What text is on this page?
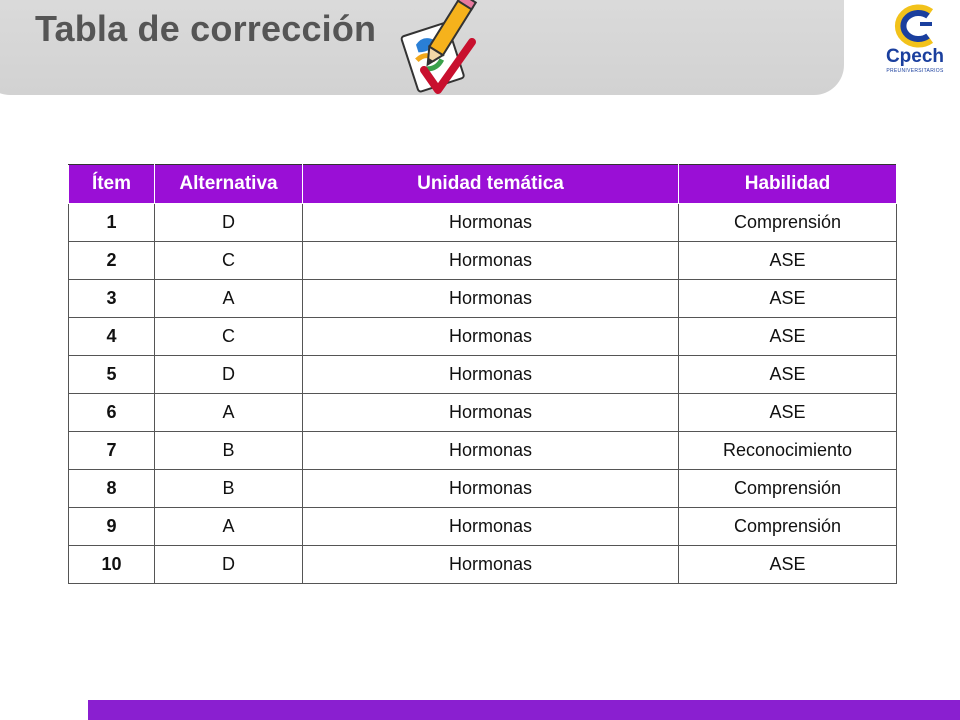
Tabla de corrección
Cpech
PREUNIVERSITARIOS
Ítem	Alternativa	Unidad temática	Habilidad
1	D	Hormonas	Comprensión
2	C	Hormonas	ASE
3	A	Hormonas	ASE
4	C	Hormonas	ASE
5	D	Hormonas	ASE
6	A	Hormonas	ASE
7	B	Hormonas	Reconocimiento
8	B	Hormonas	Comprensión
9	A	Hormonas	Comprensión
10	D	Hormonas	ASE
